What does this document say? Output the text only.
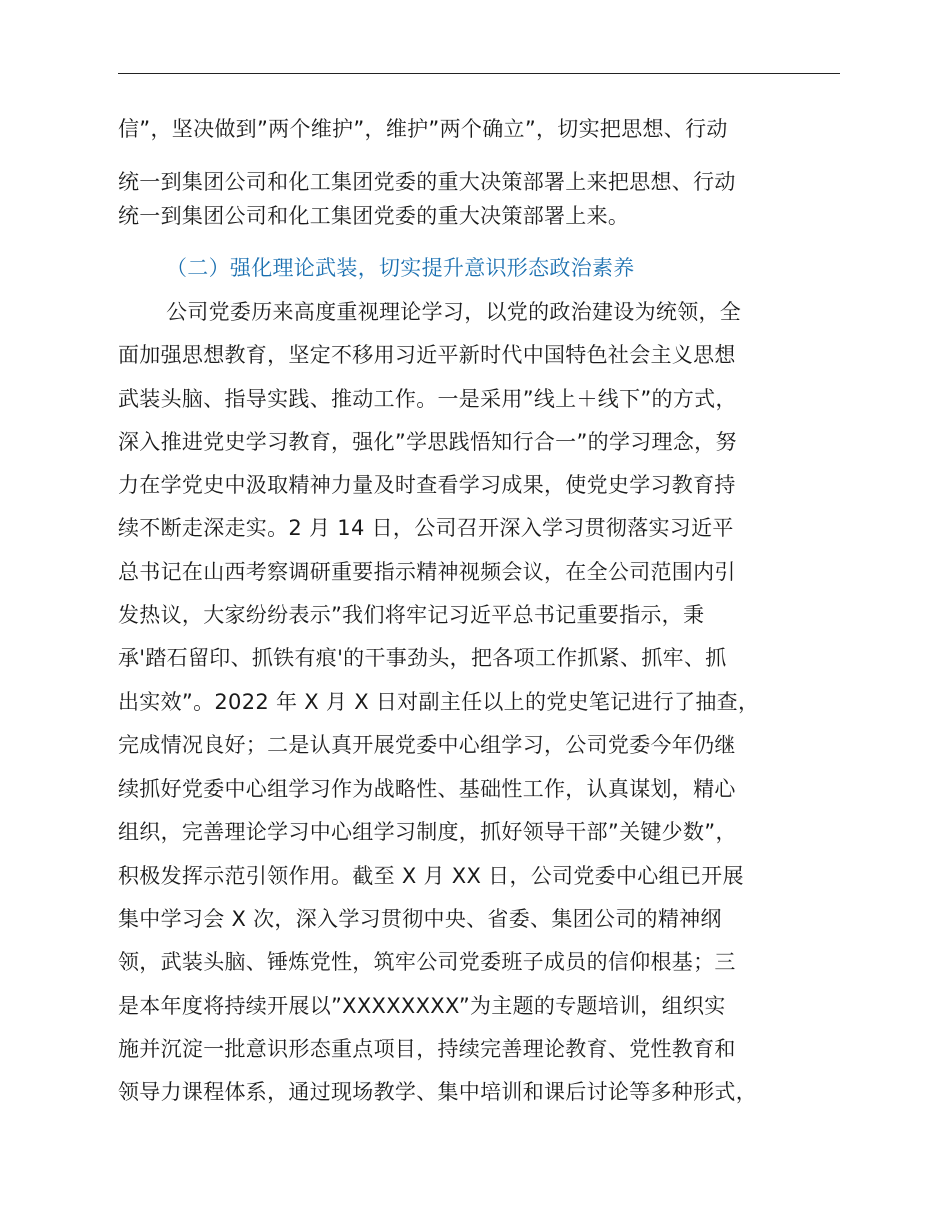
信”，坚决做到”两个维护”，维护”两个确立”，切实把思想、行动
统一到集团公司和化工集团党委的重大决策部署上来把思想、行动
统一到集团公司和化工集团党委的重大决策部署上来。
（二）强化理论武装，切实提升意识形态政治素养
公司党委历来高度重视理论学习，以党的政治建设为统领，全
面加强思想教育，坚定不移用习近平新时代中国特色社会主义思想
武装头脑、指导实践、推动工作。一是采用”线上＋线下”的方式，
深入推进党史学习教育，强化”学思践悟知行合一”的学习理念，努
力在学党史中汲取精神力量及时查看学习成果，使党史学习教育持
续不断走深走实。2 月 14 日，公司召开深入学习贯彻落实习近平
总书记在山西考察调研重要指示精神视频会议，在全公司范围内引
发热议，大家纷纷表示”我们将牢记习近平总书记重要指示，秉
承'踏石留印、抓铁有痕'的干事劲头，把各项工作抓紧、抓牢、抓
出实效”。2022 年 X 月 X 日对副主任以上的党史笔记进行了抽查，
完成情况良好；二是认真开展党委中心组学习，公司党委今年仍继
续抓好党委中心组学习作为战略性、基础性工作，认真谋划，精心
组织，完善理论学习中心组学习制度，抓好领导干部”关键少数”，
积极发挥示范引领作用。截至 X 月 XX 日，公司党委中心组已开展
集中学习会 X 次，深入学习贯彻中央、省委、集团公司的精神纲
领，武装头脑、锤炼党性，筑牢公司党委班子成员的信仰根基；三
是本年度将持续开展以”XXXXXXXX”为主题的专题培训，组织实
施并沉淀一批意识形态重点项目，持续完善理论教育、党性教育和
领导力课程体系，通过现场教学、集中培训和课后讨论等多种形式，
